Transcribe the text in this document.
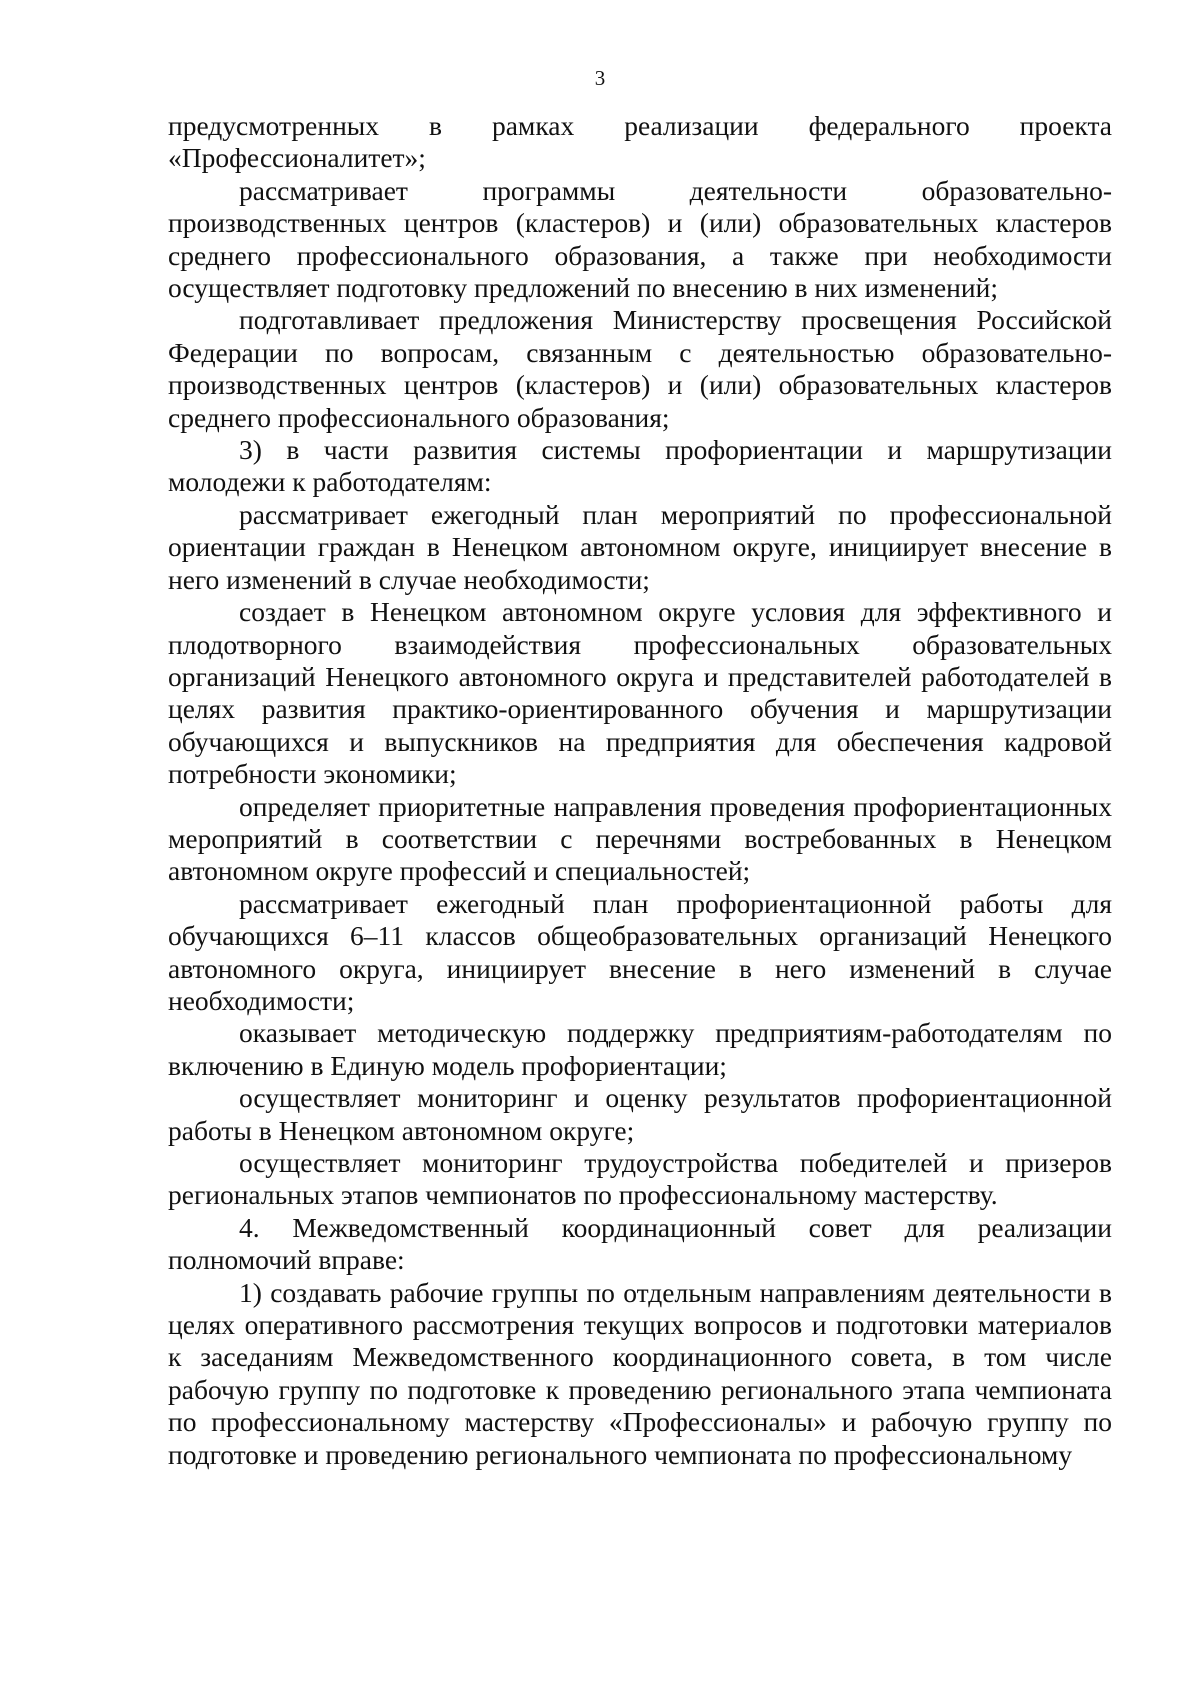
3

предусмотренных в рамках реализации федерального проекта «Профессионалитет»;

рассматривает программы деятельности образовательно-производственных центров (кластеров) и (или) образовательных кластеров среднего профессионального образования, а также при необходимости осуществляет подготовку предложений по внесению в них изменений;

подготавливает предложения Министерству просвещения Российской Федерации по вопросам, связанным с деятельностью образовательно-производственных центров (кластеров) и (или) образовательных кластеров среднего профессионального образования;

3) в части развития системы профориентации и маршрутизации молодежи к работодателям:

рассматривает ежегодный план мероприятий по профессиональной ориентации граждан в Ненецком автономном округе, инициирует внесение в него изменений в случае необходимости;

создает в Ненецком автономном округе условия для эффективного и плодотворного взаимодействия профессиональных образовательных организаций Ненецкого автономного округа и представителей работодателей в целях развития практико-ориентированного обучения и маршрутизации обучающихся и выпускников на предприятия для обеспечения кадровой потребности экономики;

определяет приоритетные направления проведения профориентационных мероприятий в соответствии с перечнями востребованных в Ненецком автономном округе профессий и специальностей;

рассматривает ежегодный план профориентационной работы для обучающихся 6–11 классов общеобразовательных организаций Ненецкого автономного округа, инициирует внесение в него изменений в случае необходимости;

оказывает методическую поддержку предприятиям-работодателям по включению в Единую модель профориентации;

осуществляет мониторинг и оценку результатов профориентационной работы в Ненецком автономном округе;

осуществляет мониторинг трудоустройства победителей и призеров региональных этапов чемпионатов по профессиональному мастерству.

4. Межведомственный координационный совет для реализации полномочий вправе:

1) создавать рабочие группы по отдельным направлениям деятельности в целях оперативного рассмотрения текущих вопросов и подготовки материалов к заседаниям Межведомственного координационного совета, в том числе рабочую группу по подготовке к проведению регионального этапа чемпионата по профессиональному мастерству «Профессионалы» и рабочую группу по подготовке и проведению регионального чемпионата по профессиональному
